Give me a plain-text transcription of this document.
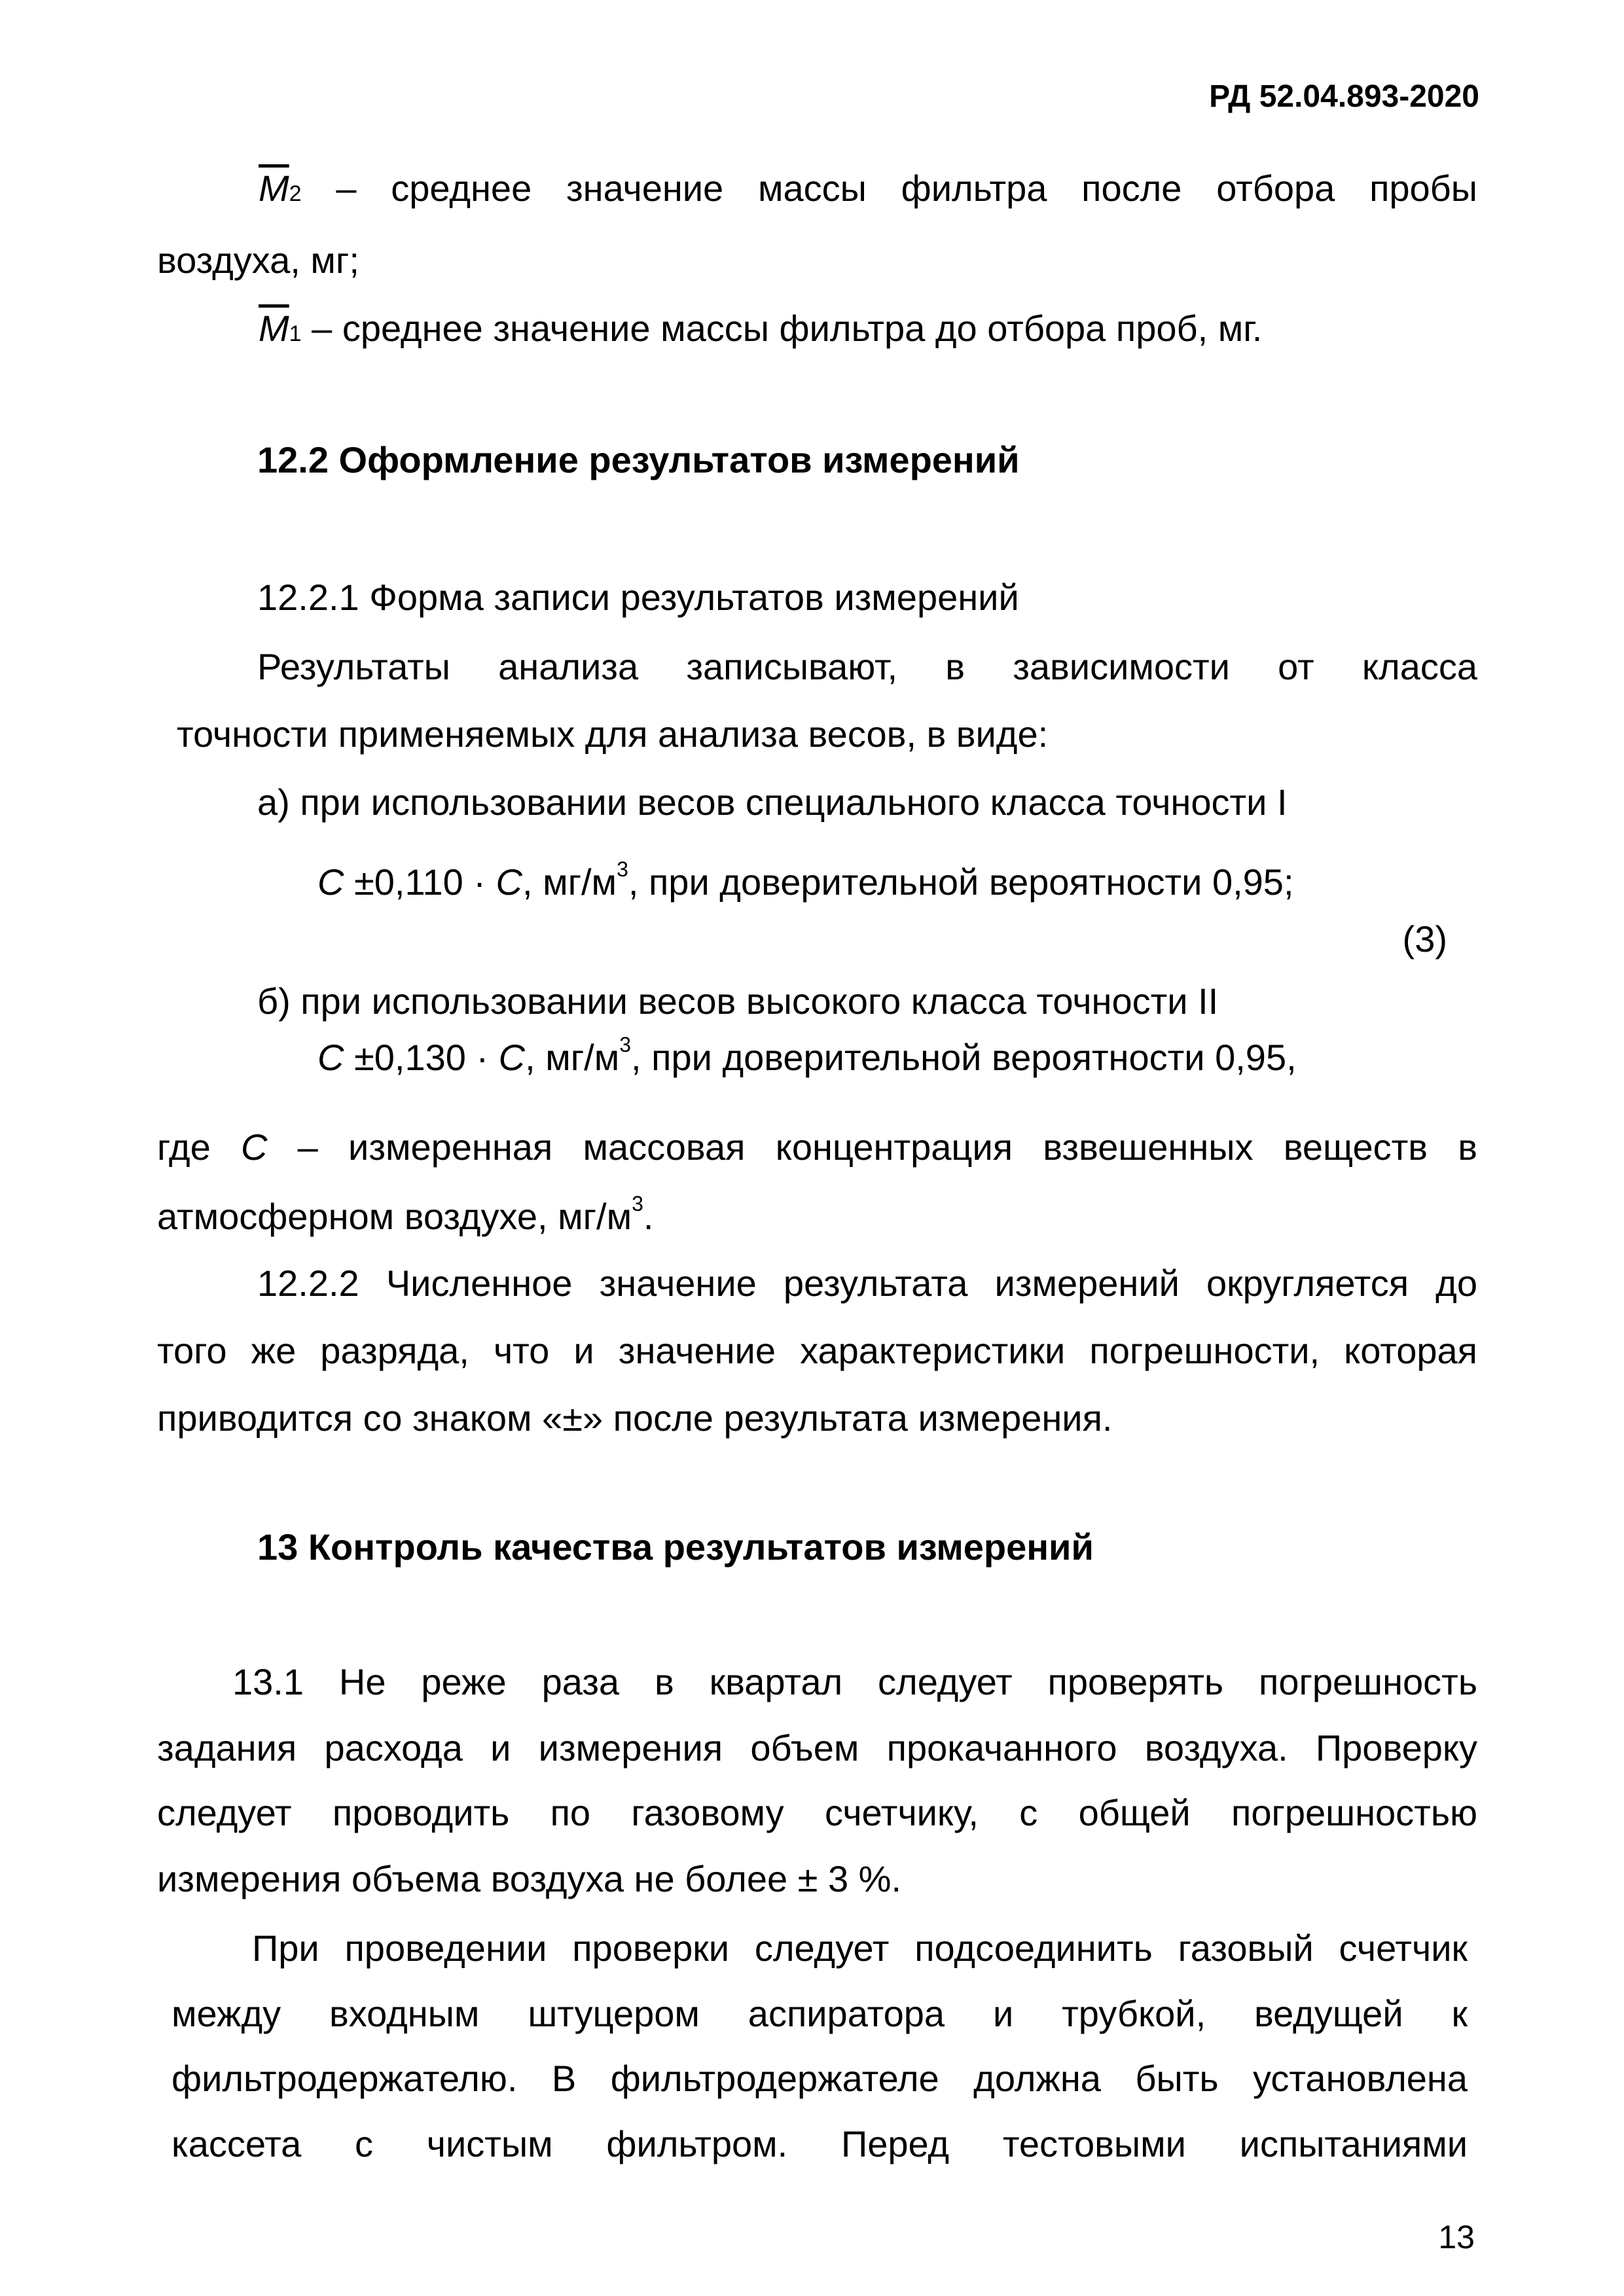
РД 52.04.893-2020
$\overline{M}2$ – среднее значение массы фильтра после отбора пробы
воздуха, мг;
$\overline{M}1$ – среднее значение массы фильтра до отбора проб, мг.
12.2 Оформление результатов измерений
12.2.1 Форма записи результатов измерений
Результаты анализа записывают, в зависимости от класса
точности применяемых для анализа весов, в виде:
а) при использовании весов специального класса точности I
C ±0,110 · C, $мг/м^3$, при доверительной вероятности 0,95;
(3)
б) при использовании весов высокого класса точности II
C ±0,130 · C, $мг/м^3$, при доверительной вероятности 0,95,
где C – измеренная массовая концентрация взвешенных веществ в
атмосферном воздухе, $мг/м^3$.
12.2.2 Численное значение результата измерений округляется до
того же разряда, что и значение характеристики погрешности, которая
приводится со знаком «±» после результата измерения.
13 Контроль качества результатов измерений
13.1 Не реже раза в квартал следует проверять погрешность
задания расхода и измерения объем прокачанного воздуха. Проверку
следует проводить по газовому счетчику, с общей погрешностью
измерения объема воздуха не более ± 3 %.
При проведении проверки следует подсоединить газовый счетчик
между входным штуцером аспиратора и трубкой, ведущей к
фильтродержателю. В фильтродержателе должна быть установлена
кассета с чистым фильтром. Перед тестовыми испытаниями
13
